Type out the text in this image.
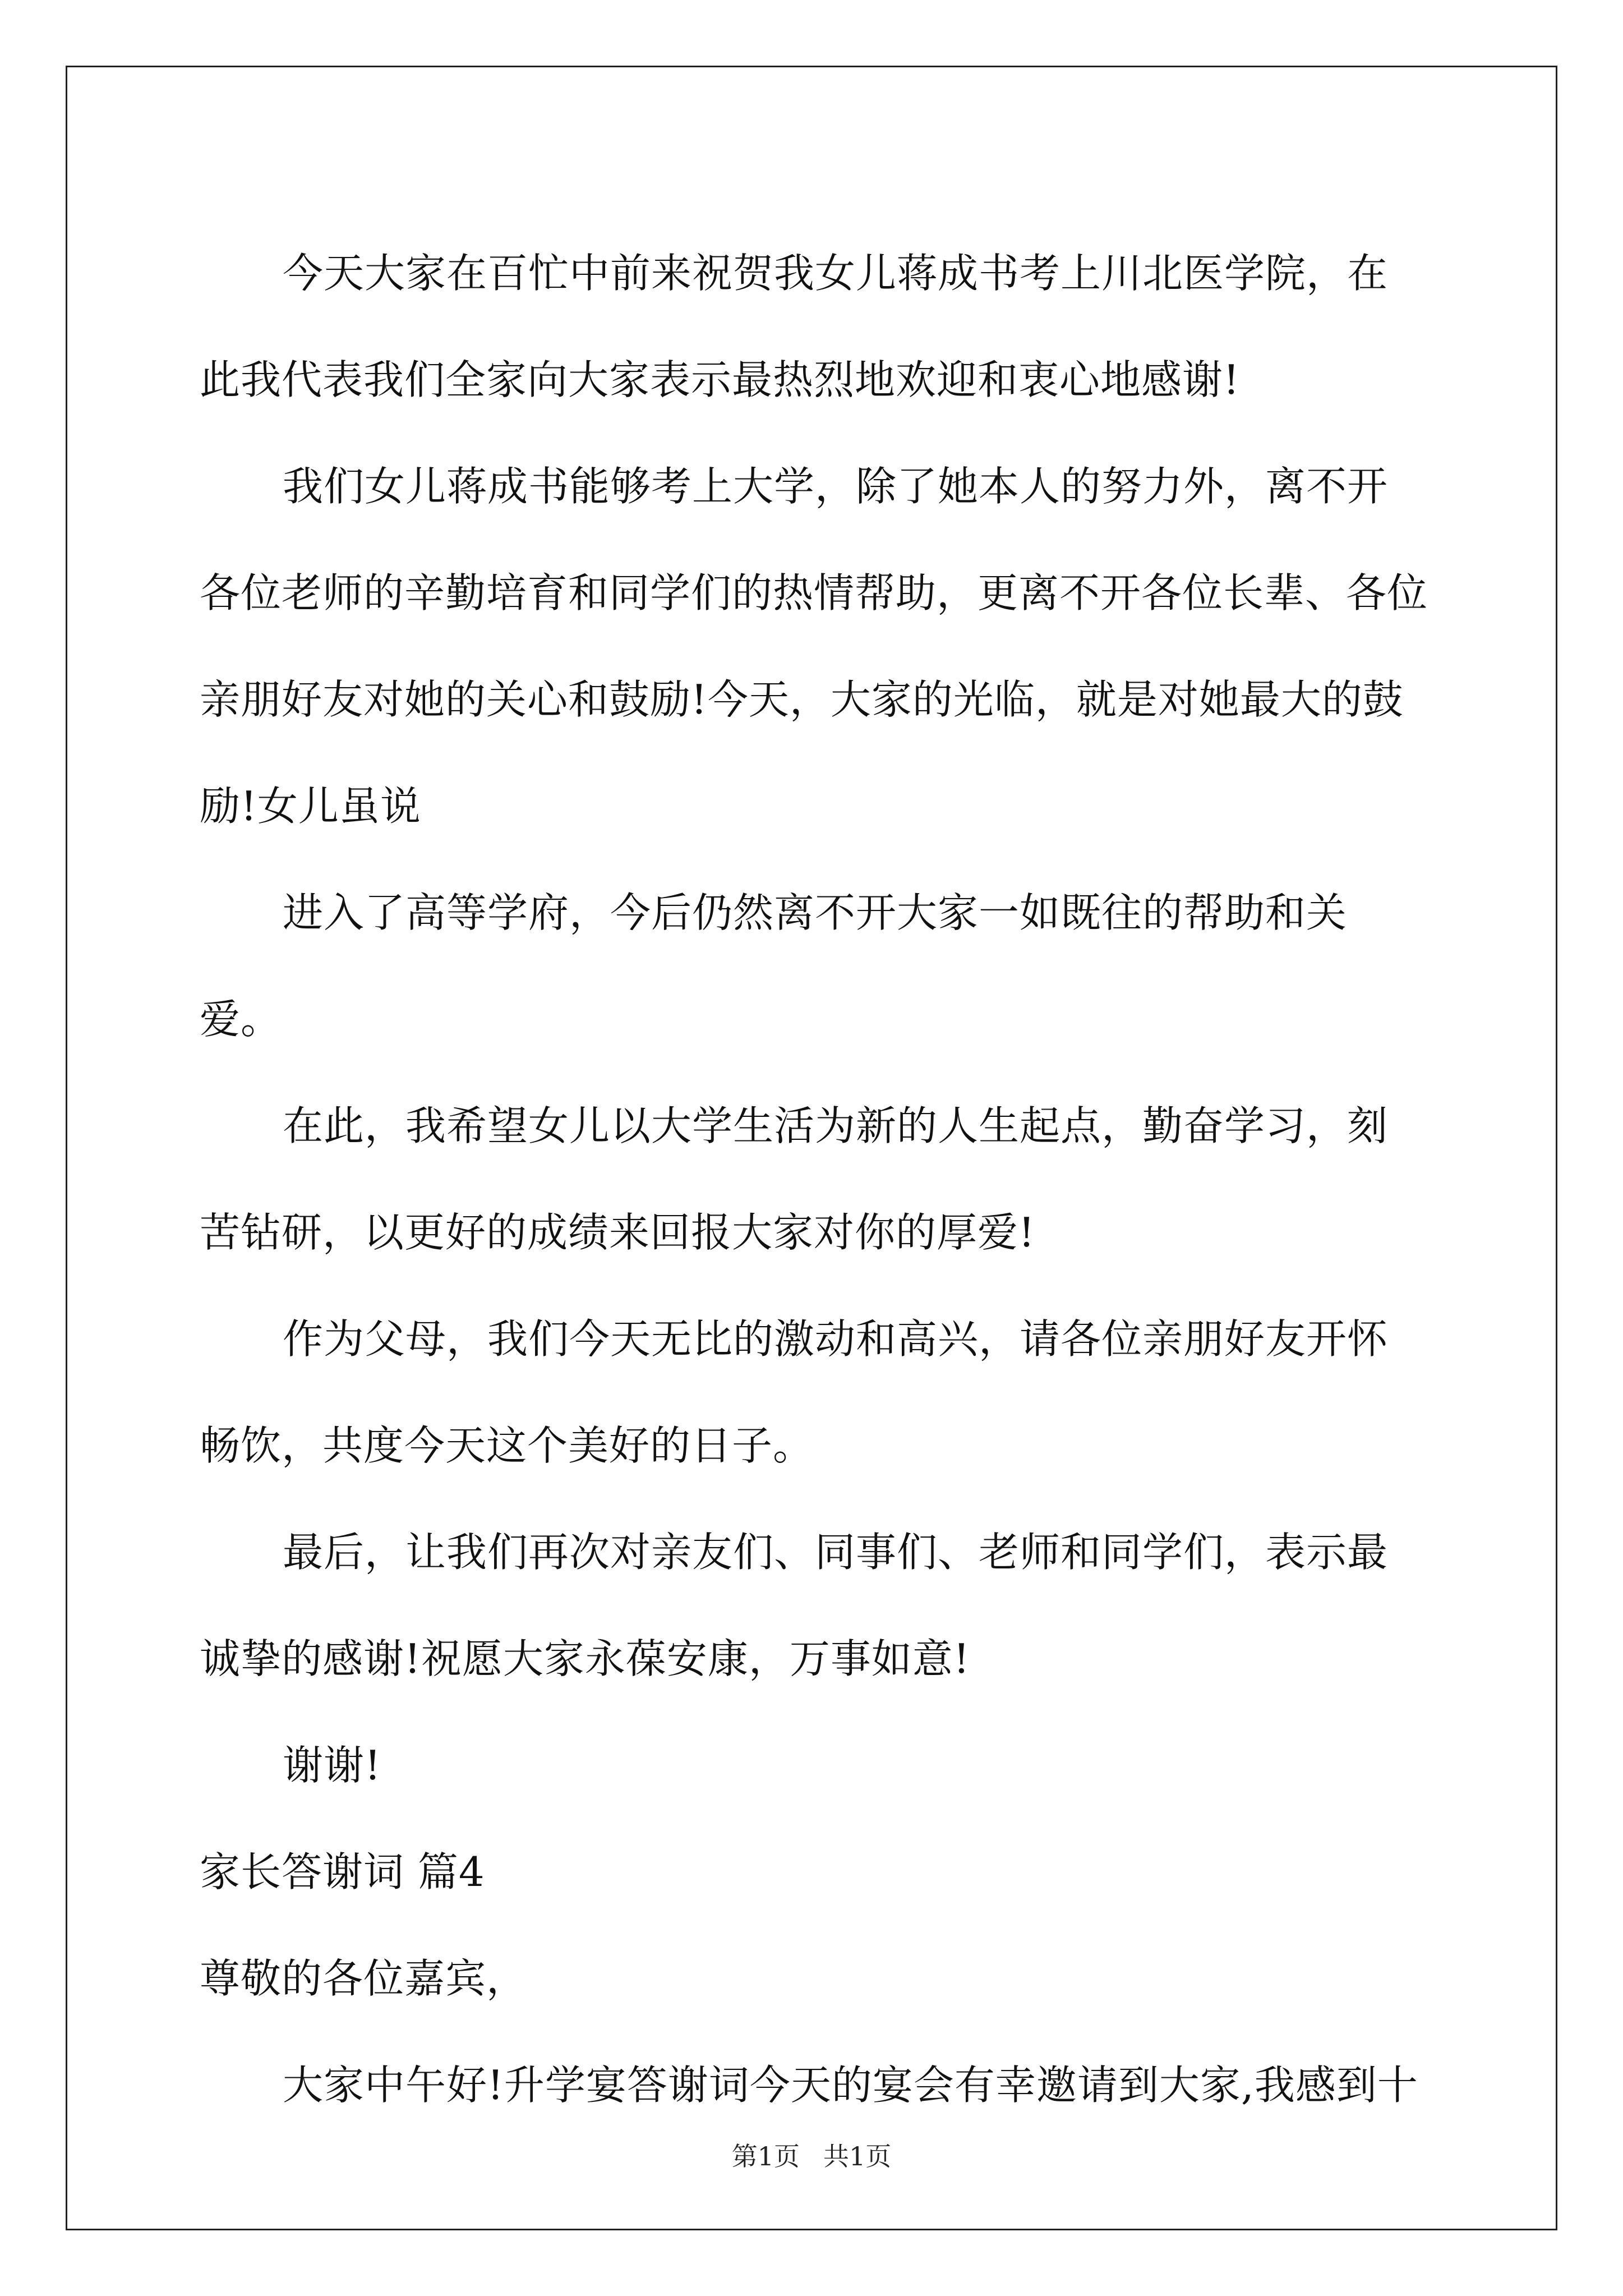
今天大家在百忙中前来祝贺我女儿蒋成书考上川北医学院，在此我代表我们全家向大家表示最热烈地欢迎和衷心地感谢!

我们女儿蒋成书能够考上大学，除了她本人的努力外，离不开各位老师的辛勤培育和同学们的热情帮助，更离不开各位长辈、各位亲朋好友对她的关心和鼓励!今天，大家的光临，就是对她最大的鼓励!女儿虽说

进入了高等学府，今后仍然离不开大家一如既往的帮助和关爱。

在此，我希望女儿以大学生活为新的人生起点，勤奋学习，刻苦钻研，以更好的成绩来回报大家对你的厚爱!

作为父母，我们今天无比的激动和高兴，请各位亲朋好友开怀畅饮，共度今天这个美好的日子。

最后，让我们再次对亲友们、同事们、老师和同学们，表示最诚挚的感谢!祝愿大家永葆安康，万事如意!

谢谢!

家长答谢词 篇4

尊敬的各位嘉宾，

大家中午好!升学宴答谢词今天的宴会有幸邀请到大家,我感到十

第1页 共1页
